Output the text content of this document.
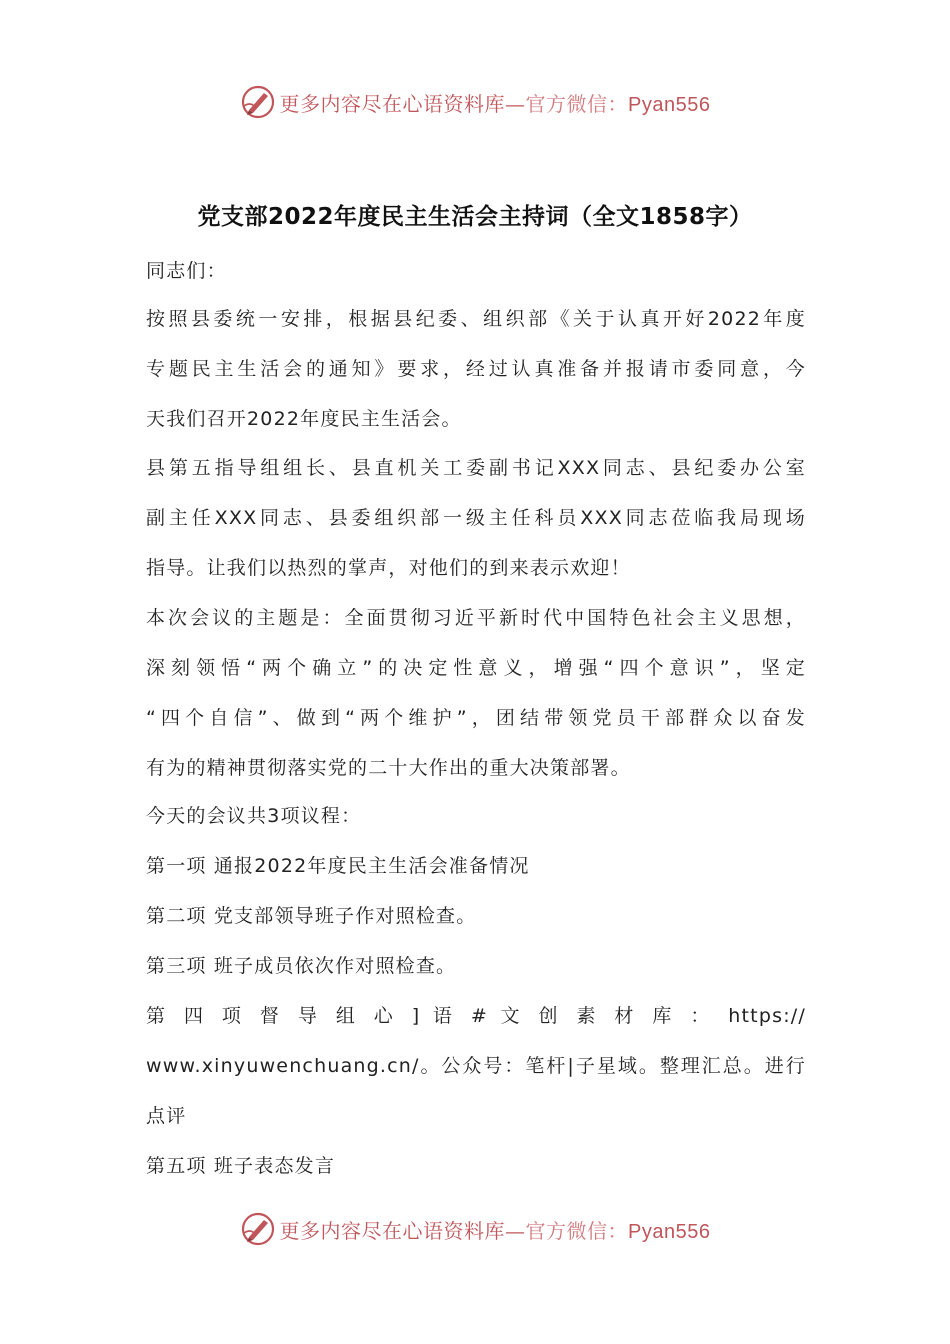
更多内容尽在心语资料库—官方微信：Pyan556
党支部2022年度民主生活会主持词（全文1858字）
同志们：
按照县委统一安排，根据县纪委、组织部《关于认真开好2022年度
专题民主生活会的通知》要求，经过认真准备并报请市委同意，今
天我们召开2022年度民主生活会。
县第五指导组组长、县直机关工委副书记XXX同志、县纪委办公室
副主任XXX同志、县委组织部一级主任科员XXX同志莅临我局现场
指导。让我们以热烈的掌声，对他们的到来表示欢迎！
本次会议的主题是：全面贯彻习近平新时代中国特色社会主义思想，
深刻领悟“两个确立”的决定性意义，增强“四个意识”，坚定
“四个自信”、做到“两个维护”，团结带领党员干部群众以奋发
有为的精神贯彻落实党的二十大作出的重大决策部署。
今天的会议共3项议程：
第一项 通报2022年度民主生活会准备情况
第二项 党支部领导班子作对照检查。
第三项 班子成员依次作对照检查。
第 四 项 督 导 组 心 ] 语 # 文 创 素 材 库 ： https://
www.xinyuwenchuang.cn/。公众号：笔杆|子星域。整理汇总。进行
点评
第五项 班子表态发言
更多内容尽在心语资料库—官方微信：Pyan556
